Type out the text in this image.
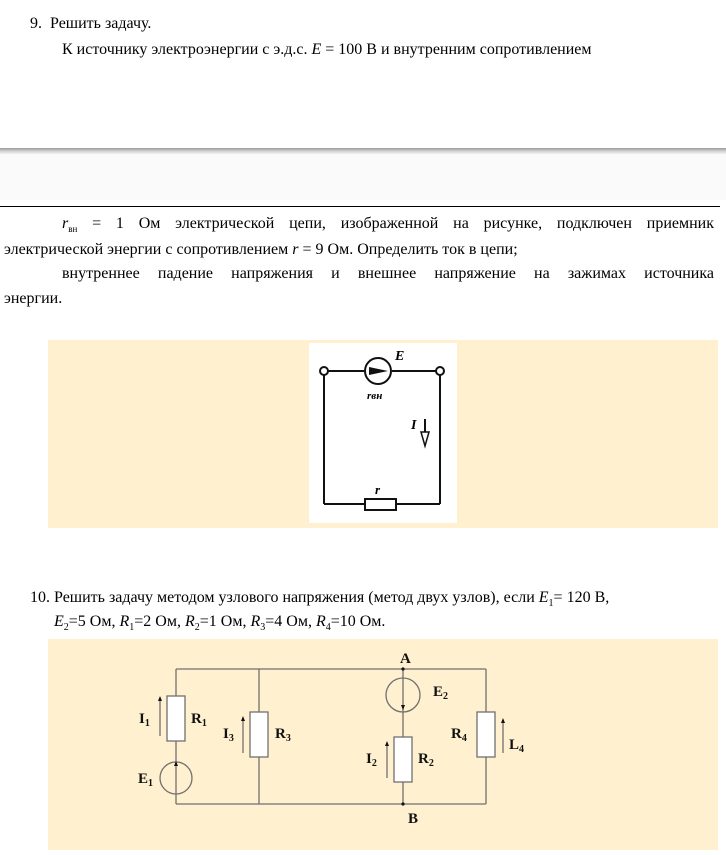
9. Решить задачу.
К источнику электроэнергии с э.д.с. E = 100 В и внутренним сопротивлением
$r_{вн} = 1$ Ом электрической цепи, изображенной на рисунке, подключен приемник
электрической энергии с сопротивлением r = 9 Ом. Определить ток в цепи;
внутреннее падение напряжения и внешнее напряжение на зажимах источника
энергии.
E
rвн
I
r
10. Решить задачу методом узлового напряжения (метод двух узлов), если $E_1= 120$ В,
$E_2=5$ Ом, $R_1=2$ Ом, $R_2=1$ Ом, $R_3=4$ Ом, $R_4=10$ Ом.
A
B
$I_1$	$R_1$
$E_1$
$I_3$	$R_3$
$E_2$
$I_2$	$R_2$
$R_4$	$L_4$
